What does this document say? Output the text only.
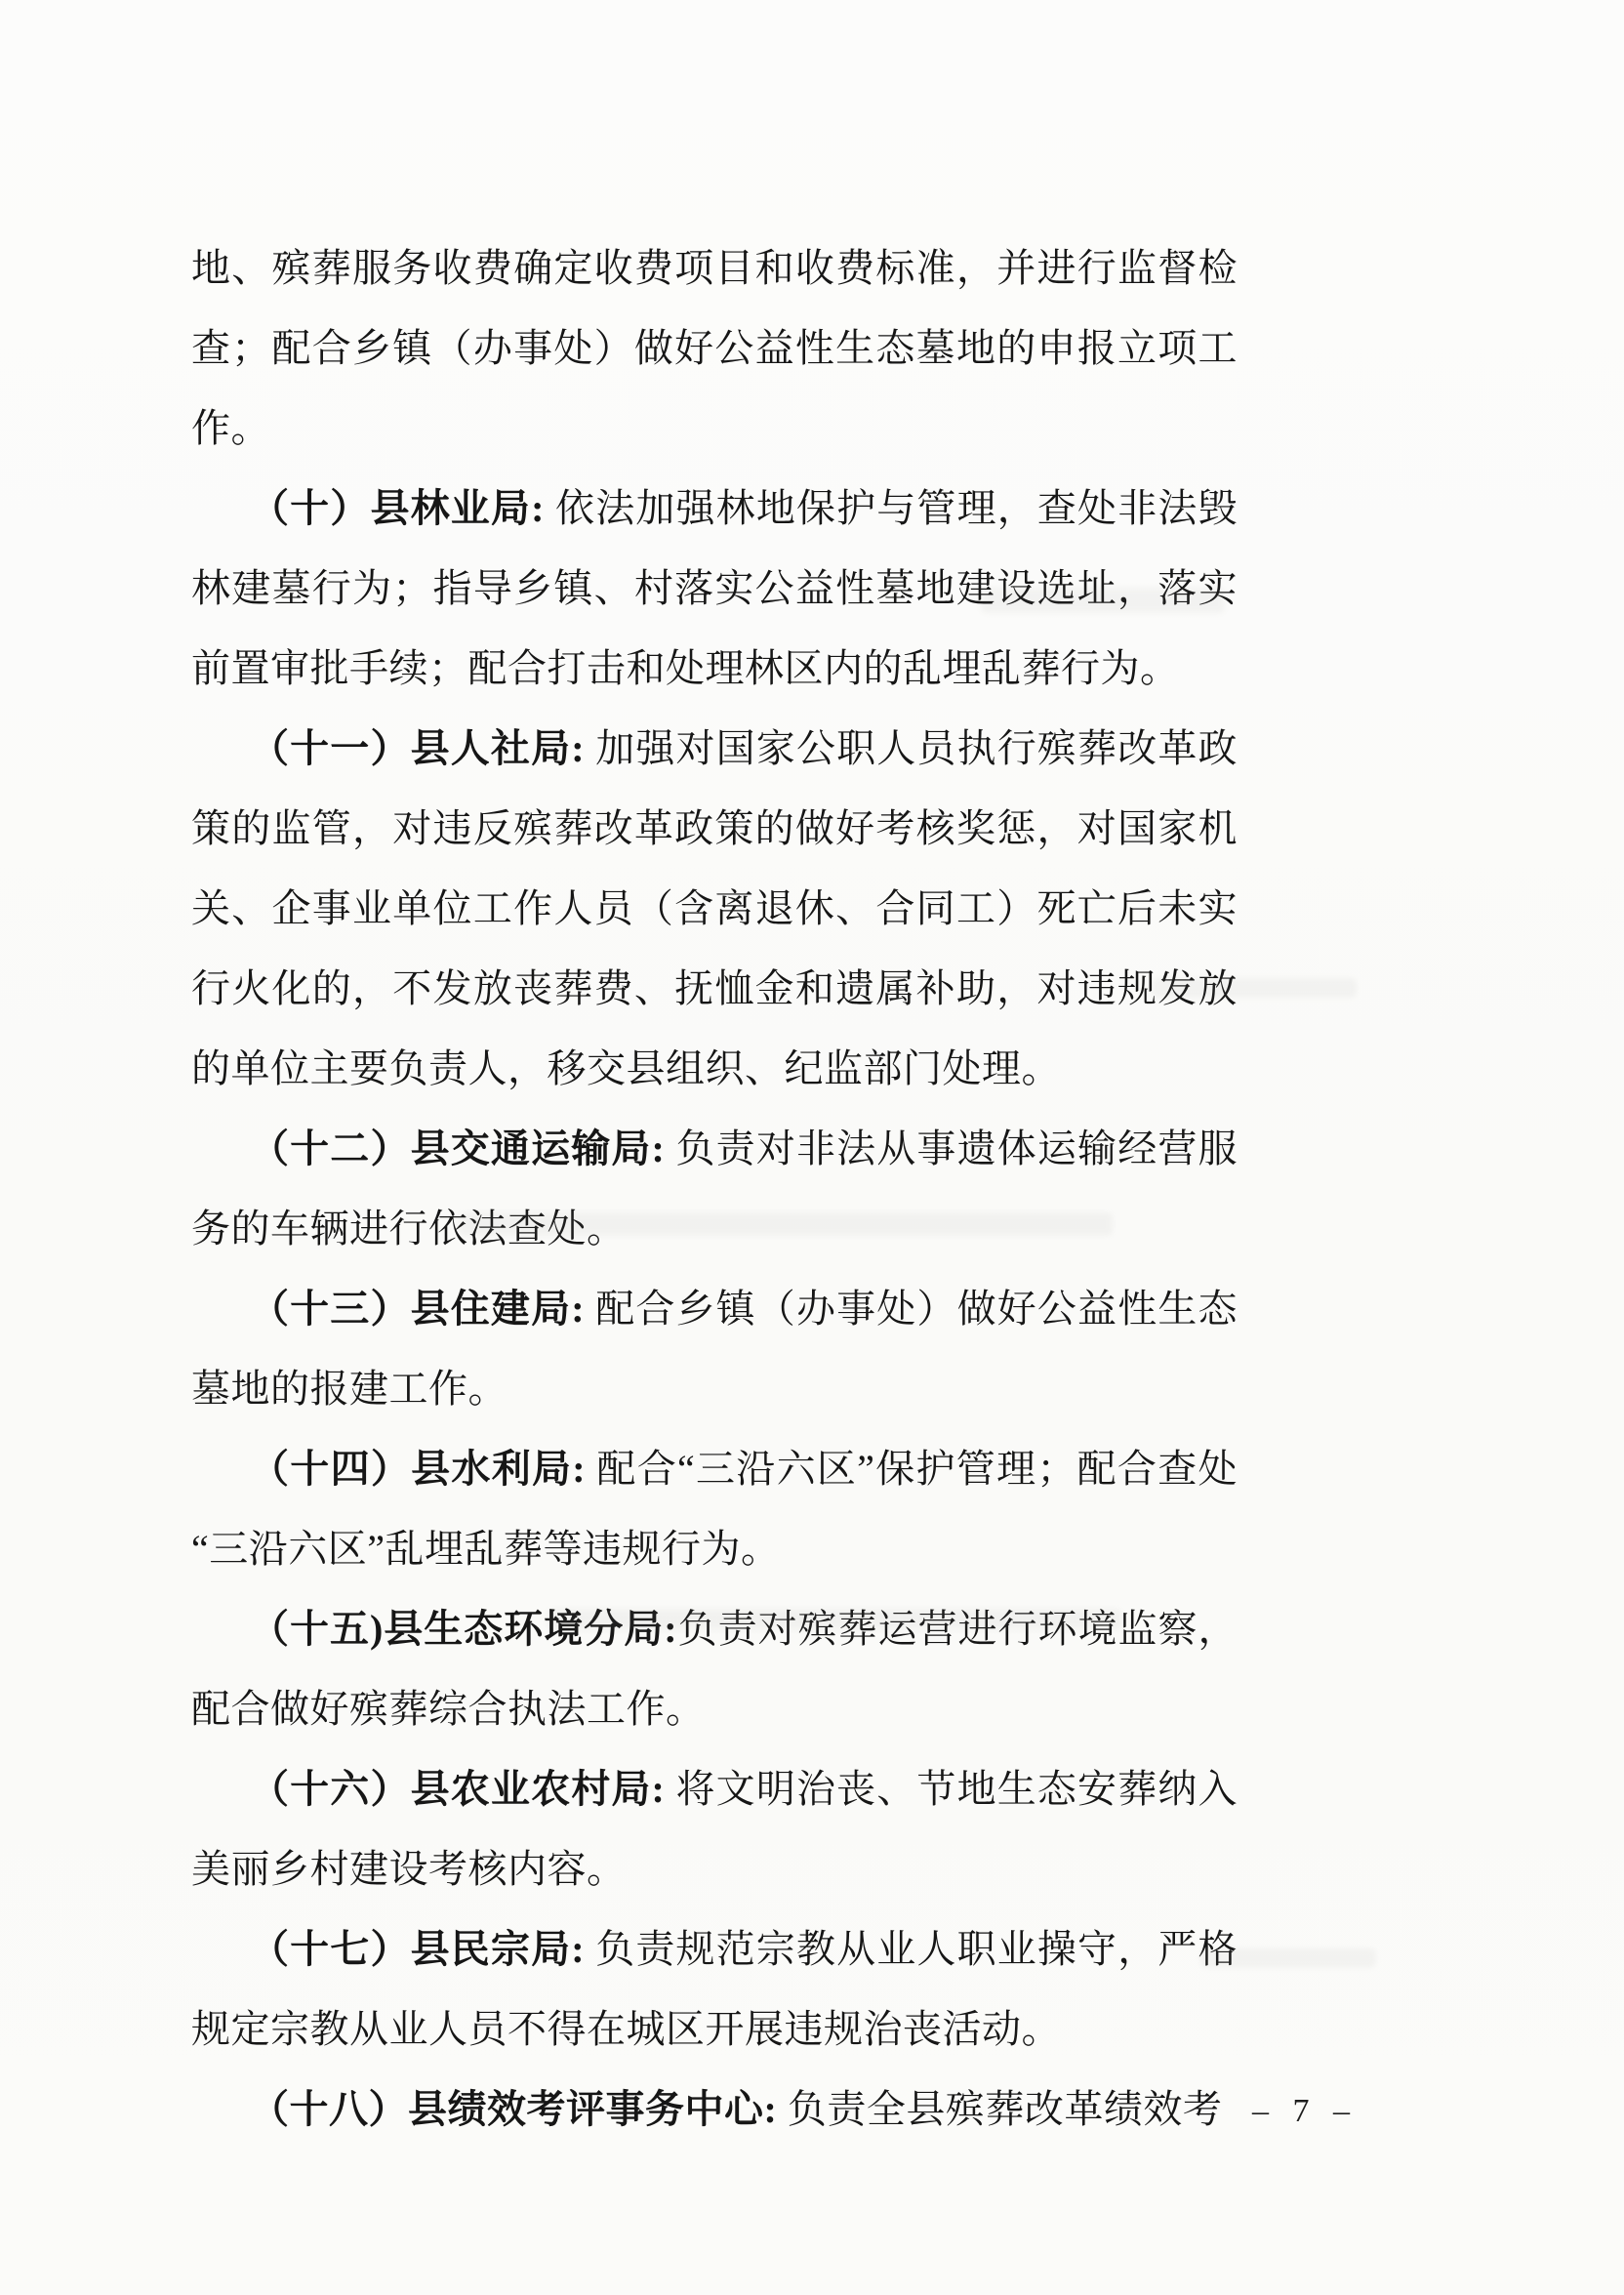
地、殡葬服务收费确定收费项目和收费标准，并进行监督检查；配合乡镇（办事处）做好公益性生态墓地的申报立项工作。

（十）县林业局: 依法加强林地保护与管理，查处非法毁林建墓行为；指导乡镇、村落实公益性墓地建设选址，落实前置审批手续；配合打击和处理林区内的乱埋乱葬行为。

（十一）县人社局: 加强对国家公职人员执行殡葬改革政策的监管，对违反殡葬改革政策的做好考核奖惩，对国家机关、企事业单位工作人员（含离退休、合同工）死亡后未实行火化的，不发放丧葬费、抚恤金和遗属补助，对违规发放的单位主要负责人，移交县组织、纪监部门处理。

（十二）县交通运输局: 负责对非法从事遗体运输经营服务的车辆进行依法查处。

（十三）县住建局: 配合乡镇（办事处）做好公益性生态墓地的报建工作。

（十四）县水利局: 配合“三沿六区”保护管理；配合查处“三沿六区”乱埋乱葬等违规行为。

（十五)县生态环境分局:负责对殡葬运营进行环境监察，配合做好殡葬综合执法工作。

（十六）县农业农村局: 将文明治丧、节地生态安葬纳入美丽乡村建设考核内容。

（十七）县民宗局: 负责规范宗教从业人职业操守，严格规定宗教从业人员不得在城区开展违规治丧活动。

（十八）县绩效考评事务中心: 负责全县殡葬改革绩效考 – 7 –
